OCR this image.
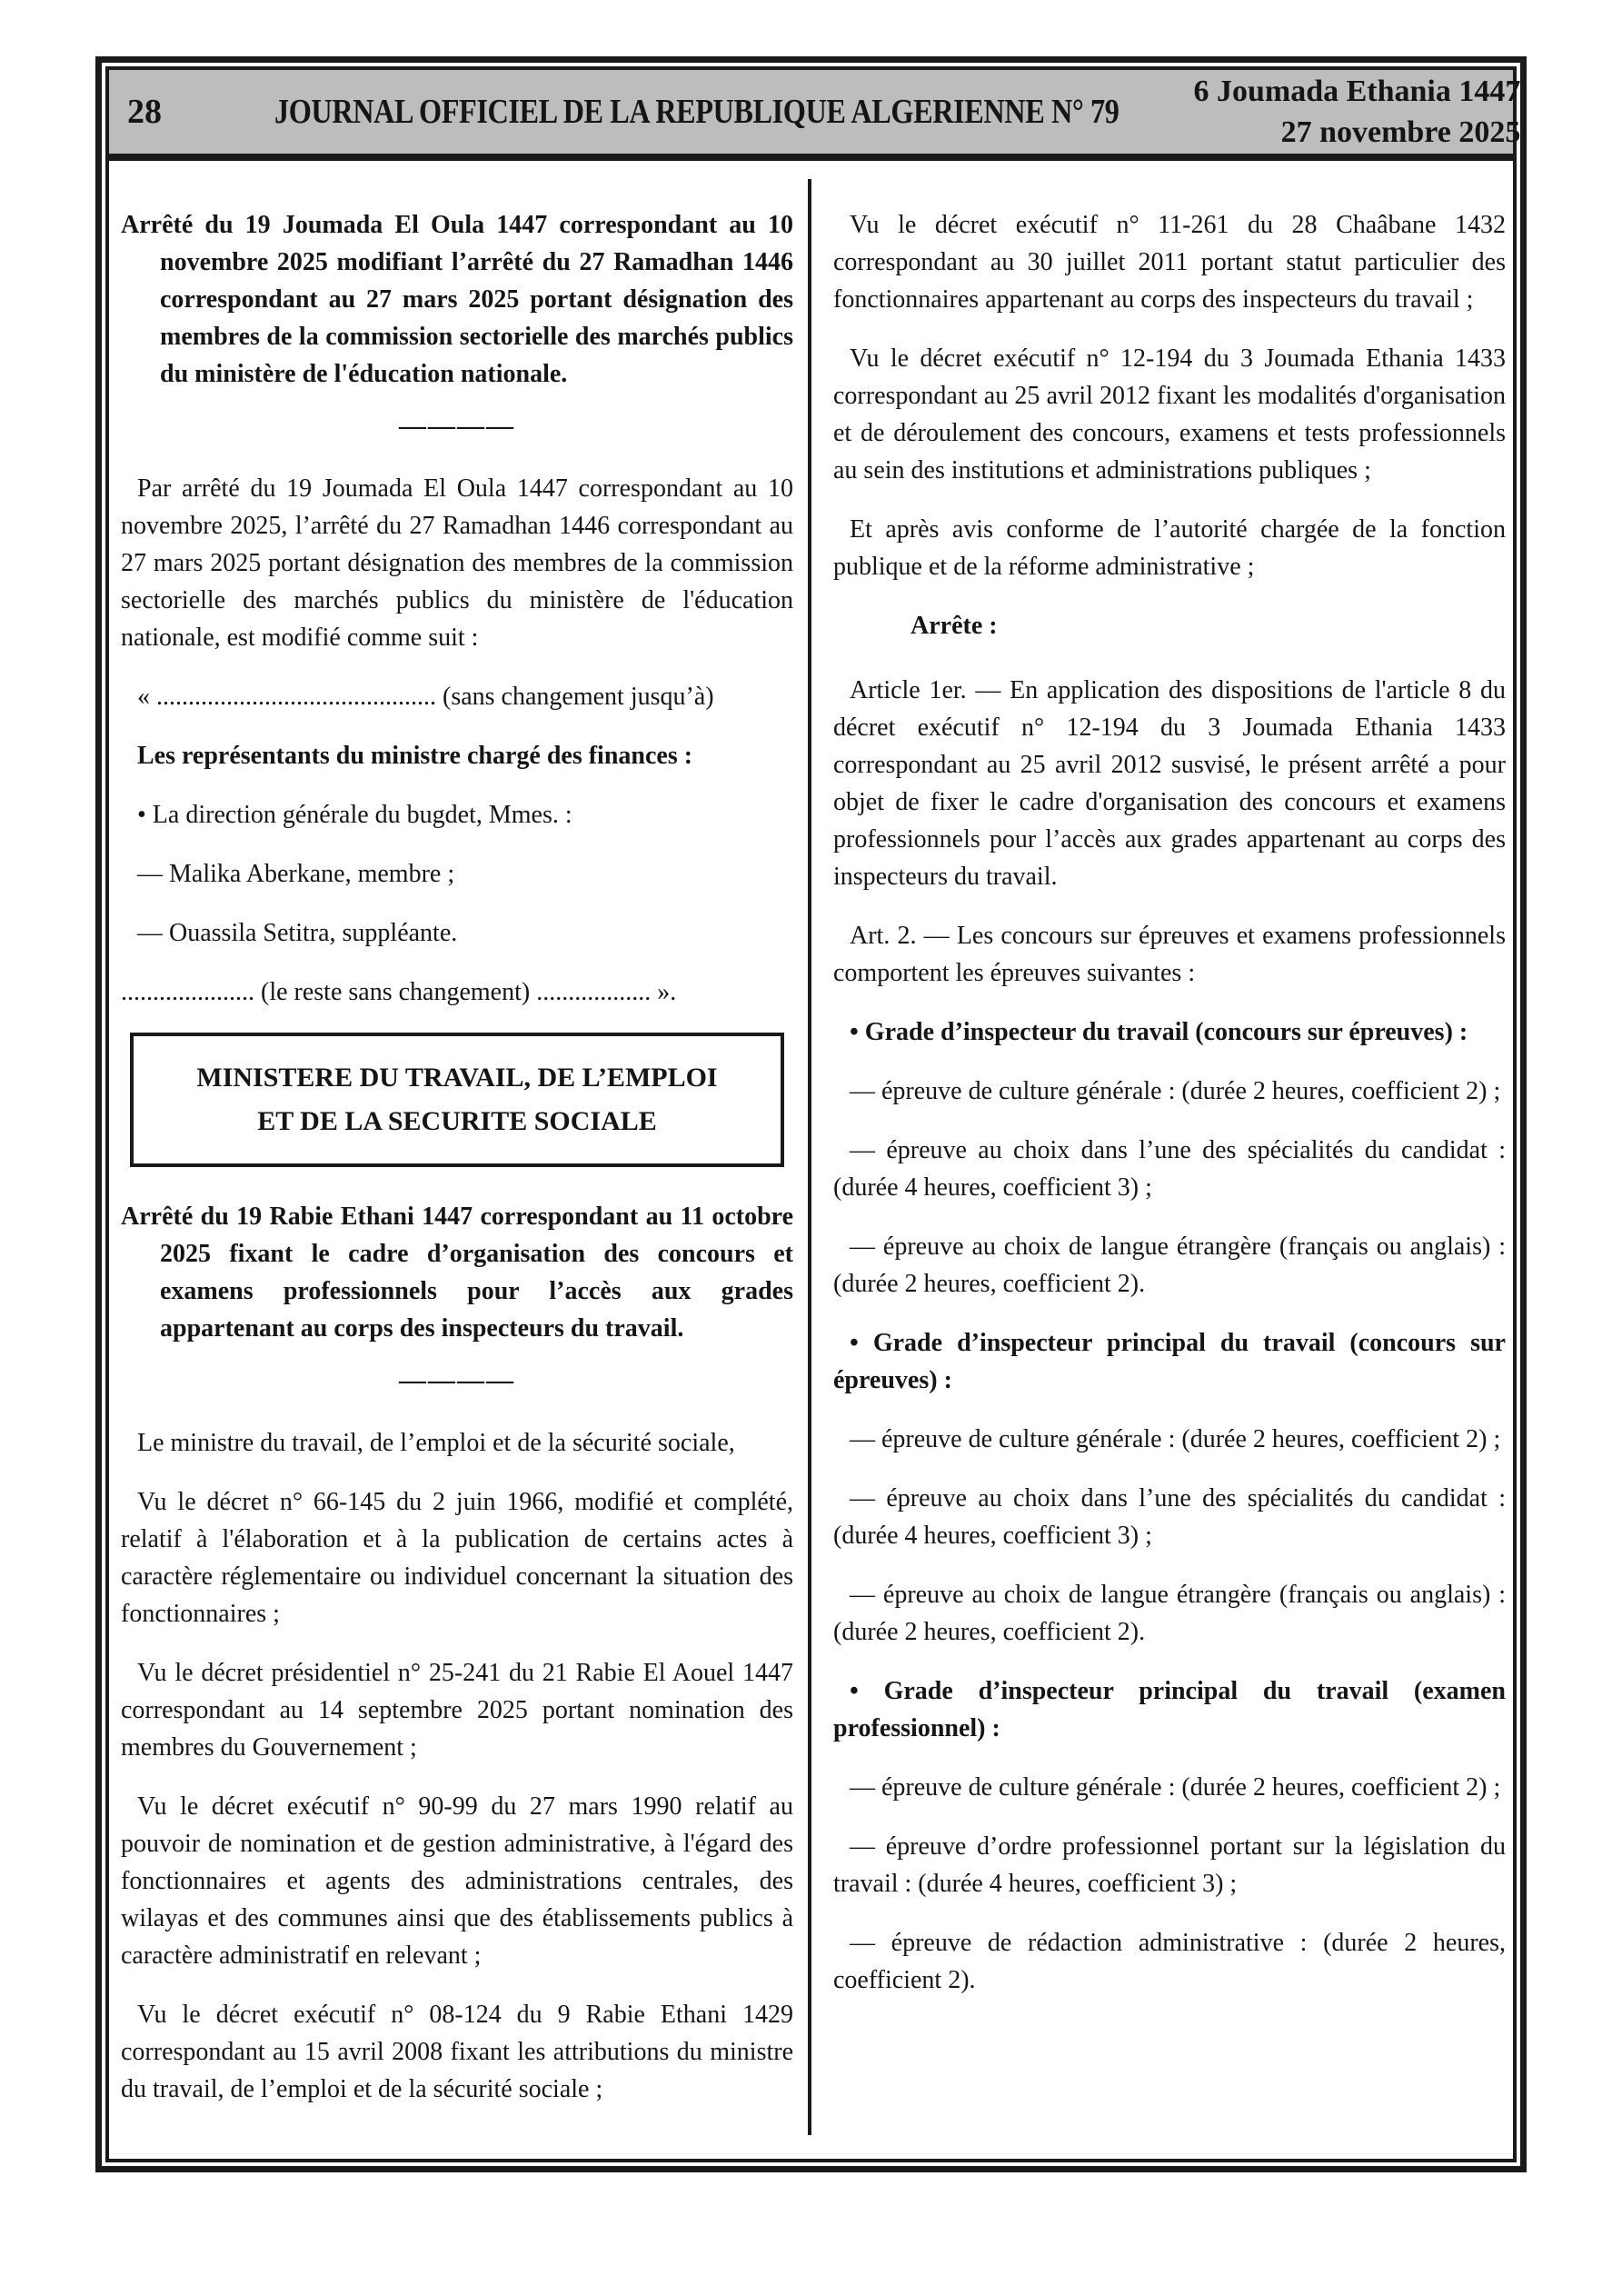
28	JOURNAL OFFICIEL DE LA REPUBLIQUE ALGERIENNE N° 79
6 Joumada Ethania 1447
27 novembre 2025
Arrêté du 19 Joumada El Oula 1447 correspondant au 10 novembre 2025 modifiant l’arrêté du 27 Ramadhan 1446 correspondant au 27 mars 2025 portant désignation des membres de la commission sectorielle des marchés publics du ministère de l'éducation nationale.
————

Par arrêté du 19 Joumada El Oula 1447 correspondant au 10 novembre 2025, l’arrêté du 27 Ramadhan 1446 correspondant au 27 mars 2025 portant désignation des membres de la commission sectorielle des marchés publics du ministère de l'éducation nationale, est modifié comme suit :

« ............................................ (sans changement jusqu’à)

Les représentants du ministre chargé des finances :

• La direction générale du bugdet, Mmes. :

— Malika Aberkane, membre ;

— Ouassila Setitra, suppléante.

..................... (le reste sans changement) .................. ».

MINISTERE DU TRAVAIL, DE L’EMPLOI
ET DE LA SECURITE SOCIALE
Arrêté du 19 Rabie Ethani 1447 correspondant au 11 octobre 2025 fixant le cadre d’organisation des concours et examens professionnels pour l’accès aux grades appartenant au corps des inspecteurs du travail.
————

Le ministre du travail, de l’emploi et de la sécurité sociale,

Vu le décret n° 66-145 du 2 juin 1966, modifié et complété, relatif à l'élaboration et à la publication de certains actes à caractère réglementaire ou individuel concernant la situation des fonctionnaires ;

Vu le décret présidentiel n° 25-241 du 21 Rabie El Aouel 1447 correspondant au 14 septembre 2025 portant nomination des membres du Gouvernement ;

Vu le décret exécutif n° 90-99 du 27 mars 1990 relatif au pouvoir de nomination et de gestion administrative, à l'égard des fonctionnaires et agents des administrations centrales, des wilayas et des communes ainsi que des établissements publics à caractère administratif en relevant ;

Vu le décret exécutif n° 08-124 du 9 Rabie Ethani 1429 correspondant au 15 avril 2008 fixant les attributions du ministre du travail, de l’emploi et de la sécurité sociale ;

Vu le décret exécutif n° 11-261 du 28 Chaâbane 1432 correspondant au 30 juillet 2011 portant statut particulier des fonctionnaires appartenant au corps des inspecteurs du travail ;

Vu le décret exécutif n° 12-194 du 3 Joumada Ethania 1433 correspondant au 25 avril 2012 fixant les modalités d'organisation et de déroulement des concours, examens et tests professionnels au sein des institutions et administrations publiques ;

Et après avis conforme de l’autorité chargée de la fonction publique et de la réforme administrative ;

Arrête :

Article 1er. — En application des dispositions de l'article 8 du décret exécutif n° 12-194 du 3 Joumada Ethania 1433 correspondant au 25 avril 2012 susvisé, le présent arrêté a pour objet de fixer le cadre d'organisation des concours et examens professionnels pour l’accès aux grades appartenant au corps des inspecteurs du travail.

Art. 2. — Les concours sur épreuves et examens professionnels comportent les épreuves suivantes :

• Grade d’inspecteur du travail (concours sur épreuves) :

— épreuve de culture générale : (durée 2 heures, coefficient 2) ;

— épreuve au choix dans l’une des spécialités du candidat : (durée 4 heures, coefficient 3) ;

— épreuve au choix de langue étrangère (français ou anglais) : (durée 2 heures, coefficient 2).

• Grade d’inspecteur principal du travail (concours sur épreuves) :

— épreuve de culture générale : (durée 2 heures, coefficient 2) ;

— épreuve au choix dans l’une des spécialités du candidat : (durée 4 heures, coefficient 3) ;

— épreuve au choix de langue étrangère (français ou anglais) : (durée 2 heures, coefficient 2).

• Grade d’inspecteur principal du travail (examen professionnel) :

— épreuve de culture générale : (durée 2 heures, coefficient 2) ;

— épreuve d’ordre professionnel portant sur la législation du travail : (durée 4 heures, coefficient 3) ;

— épreuve de rédaction administrative : (durée 2 heures, coefficient 2).
